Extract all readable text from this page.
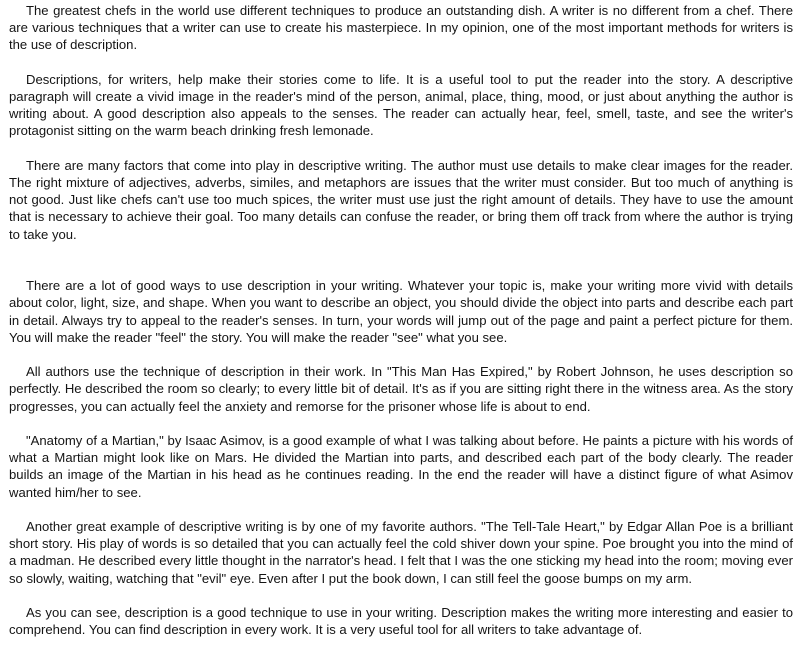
The greatest chefs in the world use different techniques to produce an outstanding dish. A writer is no different from a chef. There are various techniques that a writer can use to create his masterpiece. In my opinion, one of the most important methods for writers is the use of description.

Descriptions, for writers, help make their stories come to life. It is a useful tool to put the reader into the story. A descriptive paragraph will create a vivid image in the reader's mind of the person, animal, place, thing, mood, or just about anything the author is writing about. A good description also appeals to the senses. The reader can actually hear, feel, smell, taste, and see the writer's protagonist sitting on the warm beach drinking fresh lemonade.

There are many factors that come into play in descriptive writing. The author must use details to make clear images for the reader. The right mixture of adjectives, adverbs, similes, and metaphors are issues that the writer must consider. But too much of anything is not good. Just like chefs can't use too much spices, the writer must use just the right amount of details. They have to use the amount that is necessary to achieve their goal. Too many details can confuse the reader, or bring them off track from where the author is trying to take you.

There are a lot of good ways to use description in your writing. Whatever your topic is, make your writing more vivid with details about color, light, size, and shape. When you want to describe an object, you should divide the object into parts and describe each part in detail. Always try to appeal to the reader's senses. In turn, your words will jump out of the page and paint a perfect picture for them. You will make the reader "feel" the story. You will make the reader "see" what you see.

All authors use the technique of description in their work. In "This Man Has Expired," by Robert Johnson, he uses description so perfectly. He described the room so clearly; to every little bit of detail. It's as if you are sitting right there in the witness area. As the story progresses, you can actually feel the anxiety and remorse for the prisoner whose life is about to end.

"Anatomy of a Martian," by Isaac Asimov, is a good example of what I was talking about before. He paints a picture with his words of what a Martian might look like on Mars. He divided the Martian into parts, and described each part of the body clearly. The reader builds an image of the Martian in his head as he continues reading. In the end the reader will have a distinct figure of what Asimov wanted him/her to see.

Another great example of descriptive writing is by one of my favorite authors. "The Tell-Tale Heart," by Edgar Allan Poe is a brilliant short story. His play of words is so detailed that you can actually feel the cold shiver down your spine. Poe brought you into the mind of a madman. He described every little thought in the narrator's head. I felt that I was the one sticking my head into the room; moving ever so slowly, waiting, watching that "evil" eye. Even after I put the book down, I can still feel the goose bumps on my arm.

As you can see, description is a good technique to use in your writing. Description makes the writing more interesting and easier to comprehend. You can find description in every work. It is a very useful tool for all writers to take advantage of.
